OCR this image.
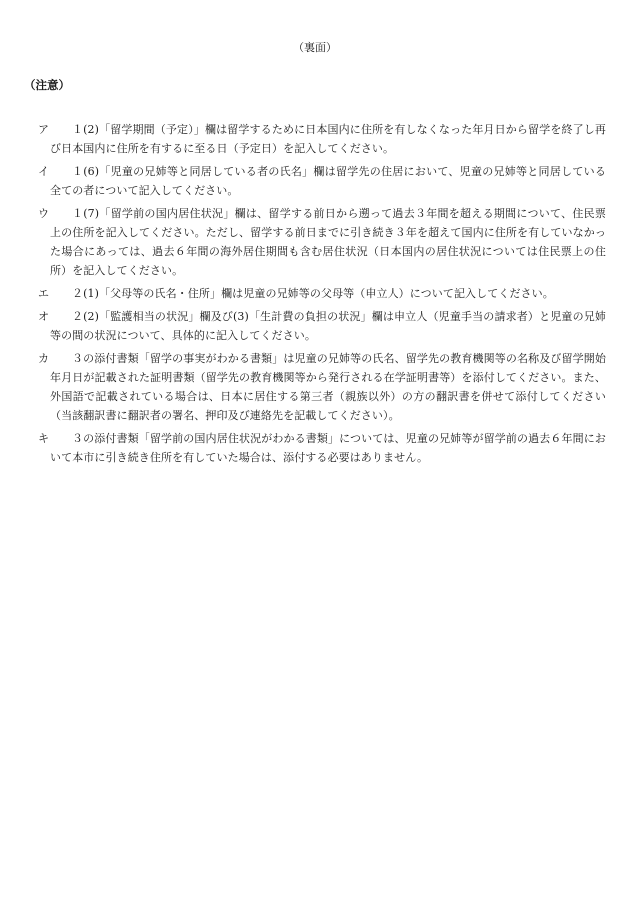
（裏面）
（注意）
ア	１(2)「留学期間（予定）」欄は留学するために日本国内に住所を有しなくなった年月日から留学を終了し再び日本国内に住所を有するに至る日（予定日）を記入してください。
イ	１(6)「児童の兄姉等と同居している者の氏名」欄は留学先の住居において、児童の兄姉等と同居している全ての者について記入してください。
ウ	１(7)「留学前の国内居住状況」欄は、留学する前日から遡って過去３年間を超える期間について、住民票上の住所を記入してください。ただし、留学する前日までに引き続き３年を超えて国内に住所を有していなかった場合にあっては、過去６年間の海外居住期間も含む居住状況（日本国内の居住状況については住民票上の住所）を記入してください。
エ	２(1)「父母等の氏名・住所」欄は児童の兄姉等の父母等（申立人）について記入してください。
オ	２(2)「監護相当の状況」欄及び(3)「生計費の負担の状況」欄は申立人（児童手当の請求者）と児童の兄姉等の間の状況について、具体的に記入してください。
カ	３の添付書類「留学の事実がわかる書類」は児童の兄姉等の氏名、留学先の教育機関等の名称及び留学開始年月日が記載された証明書類（留学先の教育機関等から発行される在学証明書等）を添付してください。また、外国語で記載されている場合は、日本に居住する第三者（親族以外）の方の翻訳書を併せて添付してください（当該翻訳書に翻訳者の署名、押印及び連絡先を記載してください）。
キ	３の添付書類「留学前の国内居住状況がわかる書類」については、児童の兄姉等が留学前の過去６年間において本市に引き続き住所を有していた場合は、添付する必要はありません。
